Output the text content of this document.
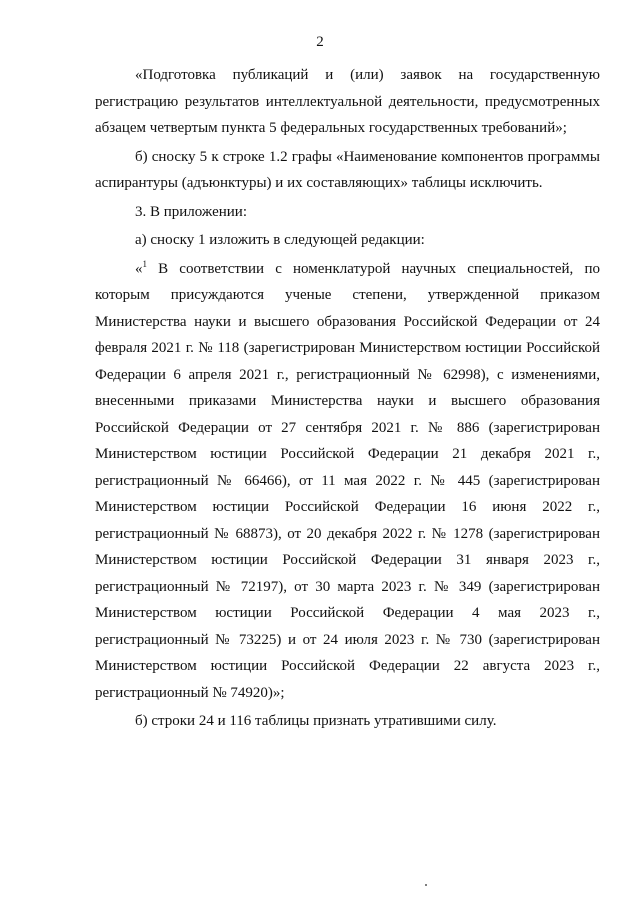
2

«Подготовка публикаций и (или) заявок на государственную регистрацию результатов интеллектуальной деятельности, предусмотренных абзацем четвертым пункта 5 федеральных государственных требований»;

б) сноску 5 к строке 1.2 графы «Наименование компонентов программы аспирантуры (адъюнктуры) и их составляющих» таблицы исключить.

3. В приложении:

а) сноску 1 изложить в следующей редакции:

«$^1$ В соответствии с номенклатурой научных специальностей, по которым присуждаются ученые степени, утвержденной приказом Министерства науки и высшего образования Российской Федерации от 24 февраля 2021 г. № 118 (зарегистрирован Министерством юстиции Российской Федерации 6 апреля 2021 г., регистрационный № 62998), с изменениями, внесенными приказами Министерства науки и высшего образования Российской Федерации от 27 сентября 2021 г. № 886 (зарегистрирован Министерством юстиции Российской Федерации 21 декабря 2021 г., регистрационный № 66466), от 11 мая 2022 г. № 445 (зарегистрирован Министерством юстиции Российской Федерации 16 июня 2022 г., регистрационный № 68873), от 20 декабря 2022 г. № 1278 (зарегистрирован Министерством юстиции Российской Федерации 31 января 2023 г., регистрационный № 72197), от 30 марта 2023 г. № 349 (зарегистрирован Министерством юстиции Российской Федерации 4 мая 2023 г., регистрационный № 73225) и от 24 июля 2023 г. № 730 (зарегистрирован Министерством юстиции Российской Федерации 22 августа 2023 г., регистрационный № 74920)»;

б) строки 24 и 116 таблицы признать утратившими силу.
